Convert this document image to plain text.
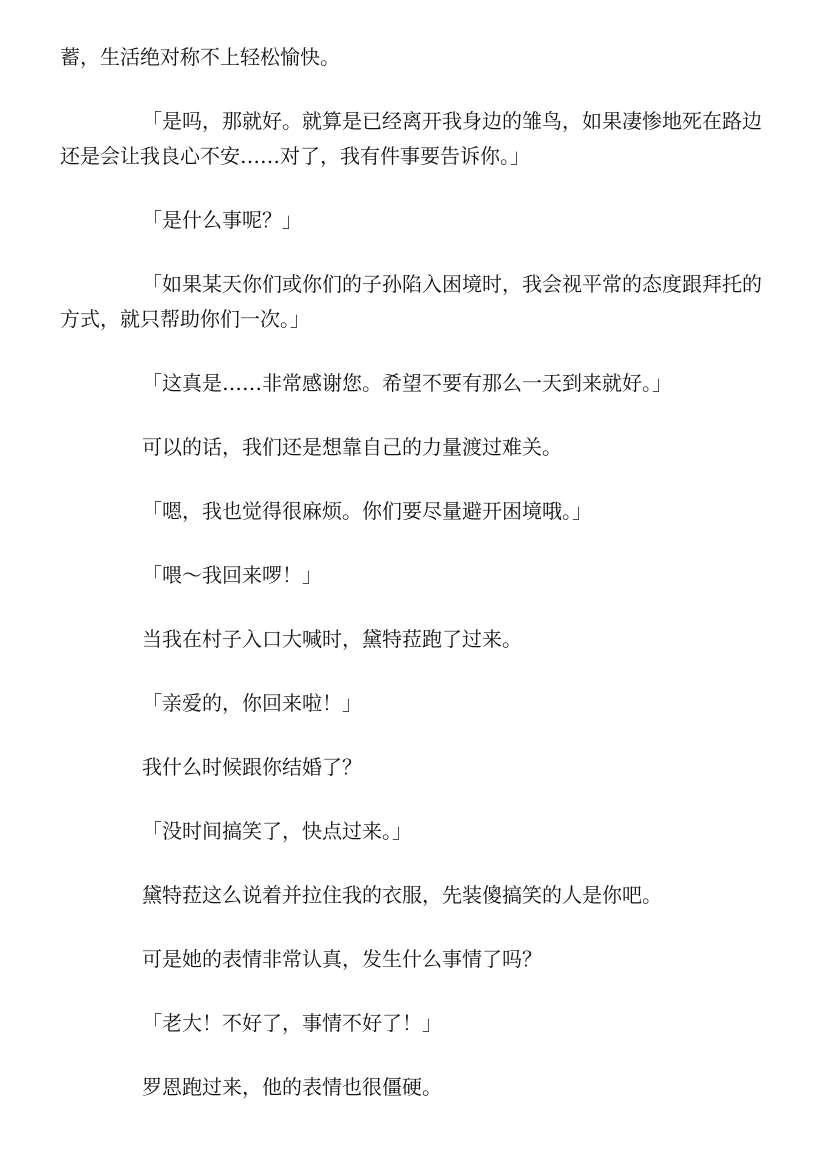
蓄，生活绝对称不上轻松愉快。

「是吗，那就好。就算是已经离开我身边的雏鸟，如果凄惨地死在路边还是会让我良心不安……对了，我有件事要告诉你。」

「是什么事呢？」

「如果某天你们或你们的子孙陷入困境时，我会视平常的态度跟拜托的方式，就只帮助你们一次。」

「这真是……非常感谢您。希望不要有那么一天到来就好。」

可以的话，我们还是想靠自己的力量渡过难关。

「嗯，我也觉得很麻烦。你们要尽量避开困境哦。」

「喂～我回来啰！」

当我在村子入口大喊时，黛特菈跑了过来。

「亲爱的，你回来啦！」

我什么时候跟你结婚了？

「没时间搞笑了，快点过来。」

黛特菈这么说着并拉住我的衣服，先装傻搞笑的人是你吧。

可是她的表情非常认真，发生什么事情了吗？

「老大！不好了，事情不好了！」

罗恩跑过来，他的表情也很僵硬。
